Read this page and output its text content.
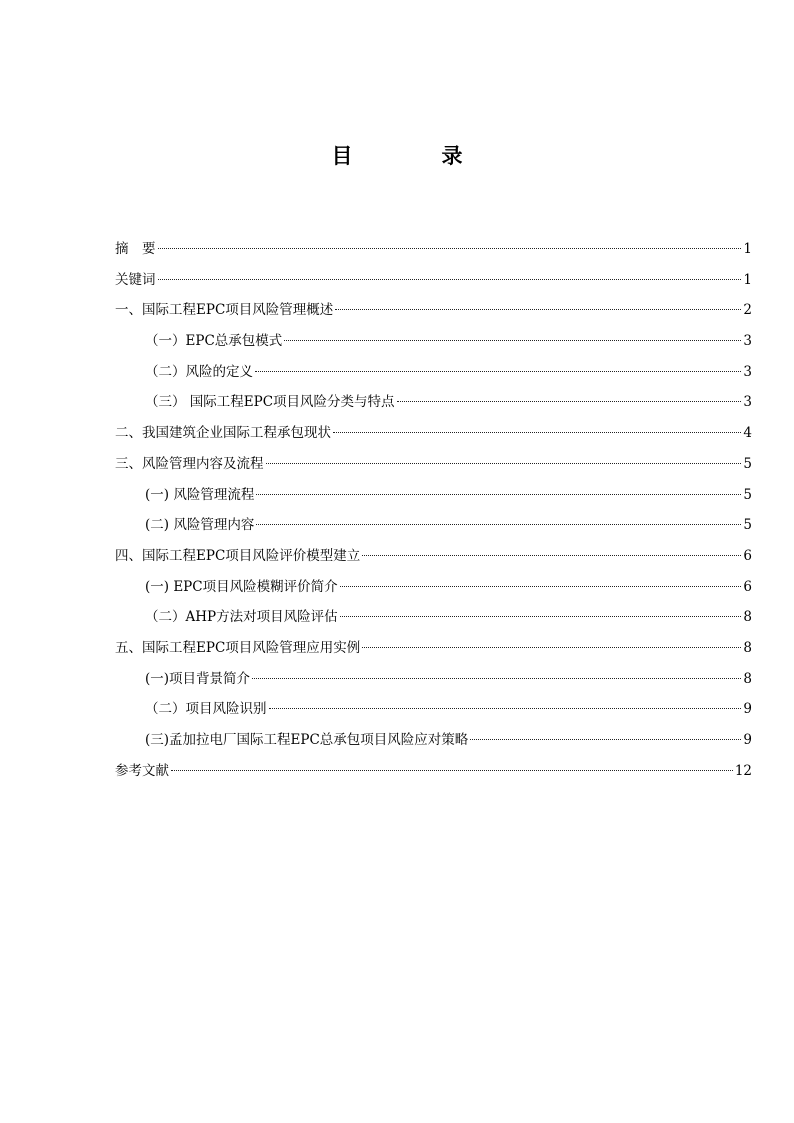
目　录
摘　要	1
关键词	1
一、国际工程EPC项目风险管理概述	2
（一）EPC总承包模式	3
（二）风险的定义	3
（三） 国际工程EPC项目风险分类与特点	3
二、我国建筑企业国际工程承包现状	4
三、风险管理内容及流程	5
(一) 风险管理流程	5
(二) 风险管理内容	5
四、国际工程EPC项目风险评价模型建立	6
(一) EPC项目风险模糊评价简介	6
（二）AHP方法对项目风险评估	8
五、国际工程EPC项目风险管理应用实例	8
(一)项目背景简介	8
（二）项目风险识别	9
(三)孟加拉电厂国际工程EPC总承包项目风险应对策略	9
参考文献	12
